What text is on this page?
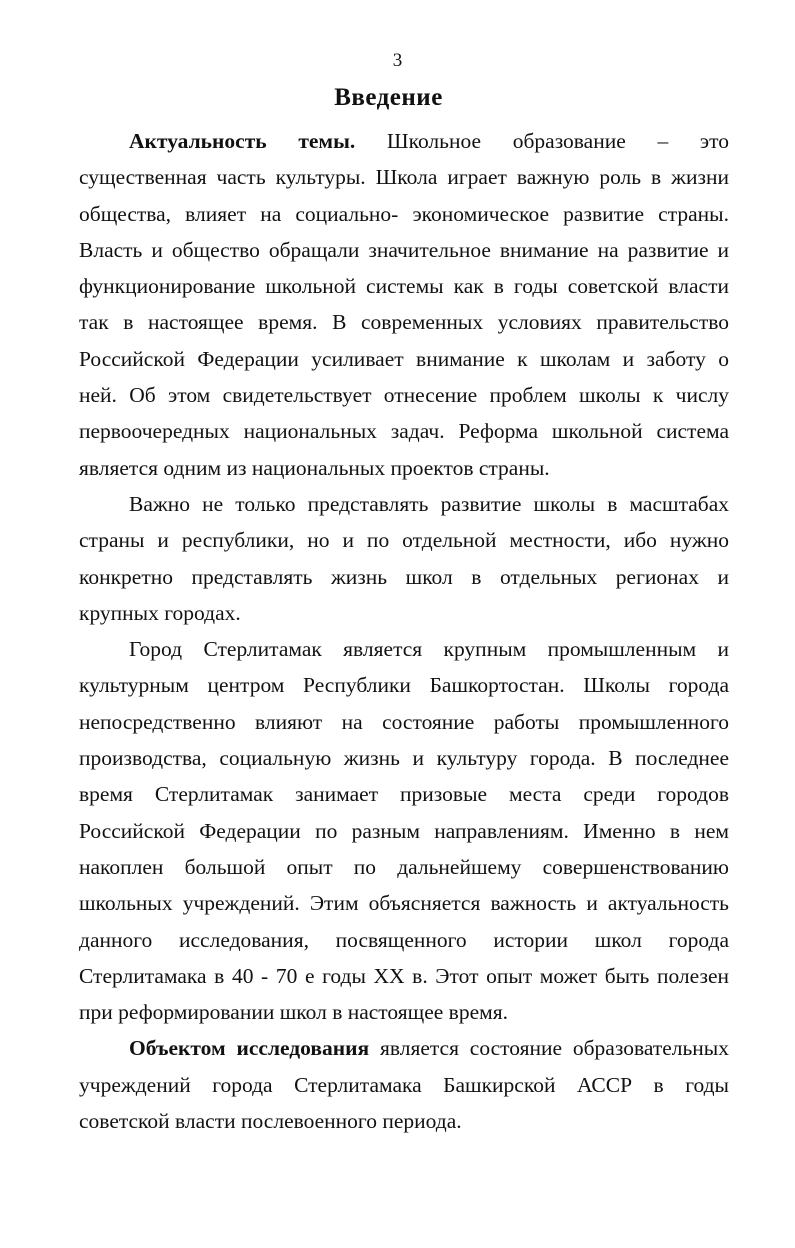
3
Введение

Актуальность темы. Школьное образование – это
существенная часть культуры. Школа играет важную роль в жизни
общества, влияет на социально- экономическое развитие страны.
Власть и общество обращали значительное внимание на развитие и
функционирование школьной системы как в годы советской власти
так в настоящее время. В современных условиях правительство
Российской Федерации усиливает внимание к школам и заботу о
ней. Об этом свидетельствует отнесение проблем школы к числу
первоочередных национальных задач. Реформа школьной система
является одним из национальных проектов страны.

Важно не только представлять развитие школы в масштабах
страны и республики, но и по отдельной местности, ибо нужно
конкретно представлять жизнь школ в отдельных регионах и
крупных городах.

Город Стерлитамак является крупным промышленным и
культурным центром Республики Башкортостан. Школы города
непосредственно влияют на состояние работы промышленного
производства, социальную жизнь и культуру города. В последнее
время Стерлитамак занимает призовые места среди городов
Российской Федерации по разным направлениям. Именно в нем
накоплен большой опыт по дальнейшему совершенствованию
школьных учреждений. Этим объясняется важность и актуальность
данного исследования, посвященного истории школ города
Стерлитамака в 40 - 70 е годы XX в. Этот опыт может быть полезен
при реформировании школ в настоящее время.

Объектом исследования является состояние образовательных
учреждений города Стерлитамака Башкирской АССР в годы
советской власти послевоенного периода.
